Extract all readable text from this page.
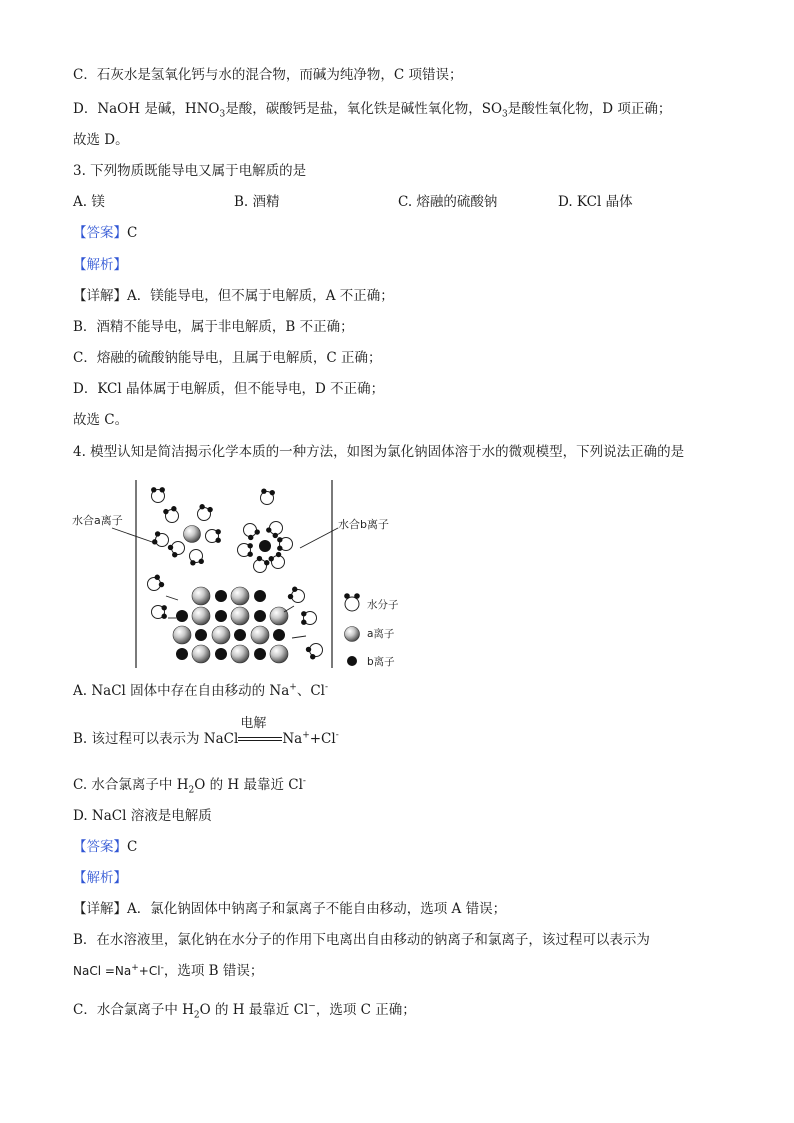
C．石灰水是氢氧化钙与水的混合物，而碱为纯净物，C 项错误；
D．NaOH 是碱，$HNO_3$是酸，碳酸钙是盐，氧化铁是碱性氧化物，$SO_3$是酸性氧化物，D 项正确；
故选 D。
3. 下列物质既能导电又属于电解质的是
A. 镁	B. 酒精	C. 熔融的硫酸钠	D. KCl 晶体
【答案】C
【解析】
【详解】A．镁能导电，但不属于电解质，A 不正确；
B．酒精不能导电，属于非电解质，B 不正确；
C．熔融的硫酸钠能导电，且属于电解质，C 正确；
D．KCl 晶体属于电解质，但不能导电，D 不正确；
故选 C。
4. 模型认知是简洁揭示化学本质的一种方法，如图为氯化钠固体溶于水的微观模型，下列说法正确的是
水合a离子	水合b离子
水分子
a离子
b离子
A. NaCl 固体中存在自由移动的 Na+、Cl-
B. 该过程可以表示为 NaCl
电解
Na++Cl-
C. 水合氯离子中 $H_2O$ 的 H 最靠近 Cl-
D. NaCl 溶液是电解质
【答案】C
【解析】
【详解】A．氯化钠固体中钠离子和氯离子不能自由移动，选项 A 错误；
B．在水溶液里，氯化钠在水分子的作用下电离出自由移动的钠离子和氯离子，该过程可以表示为
NaCl =Na++Cl-，选项 B 错误；
C．水合氯离子中 $H_2O$ 的 H 最靠近 Cl−，选项 C 正确；
